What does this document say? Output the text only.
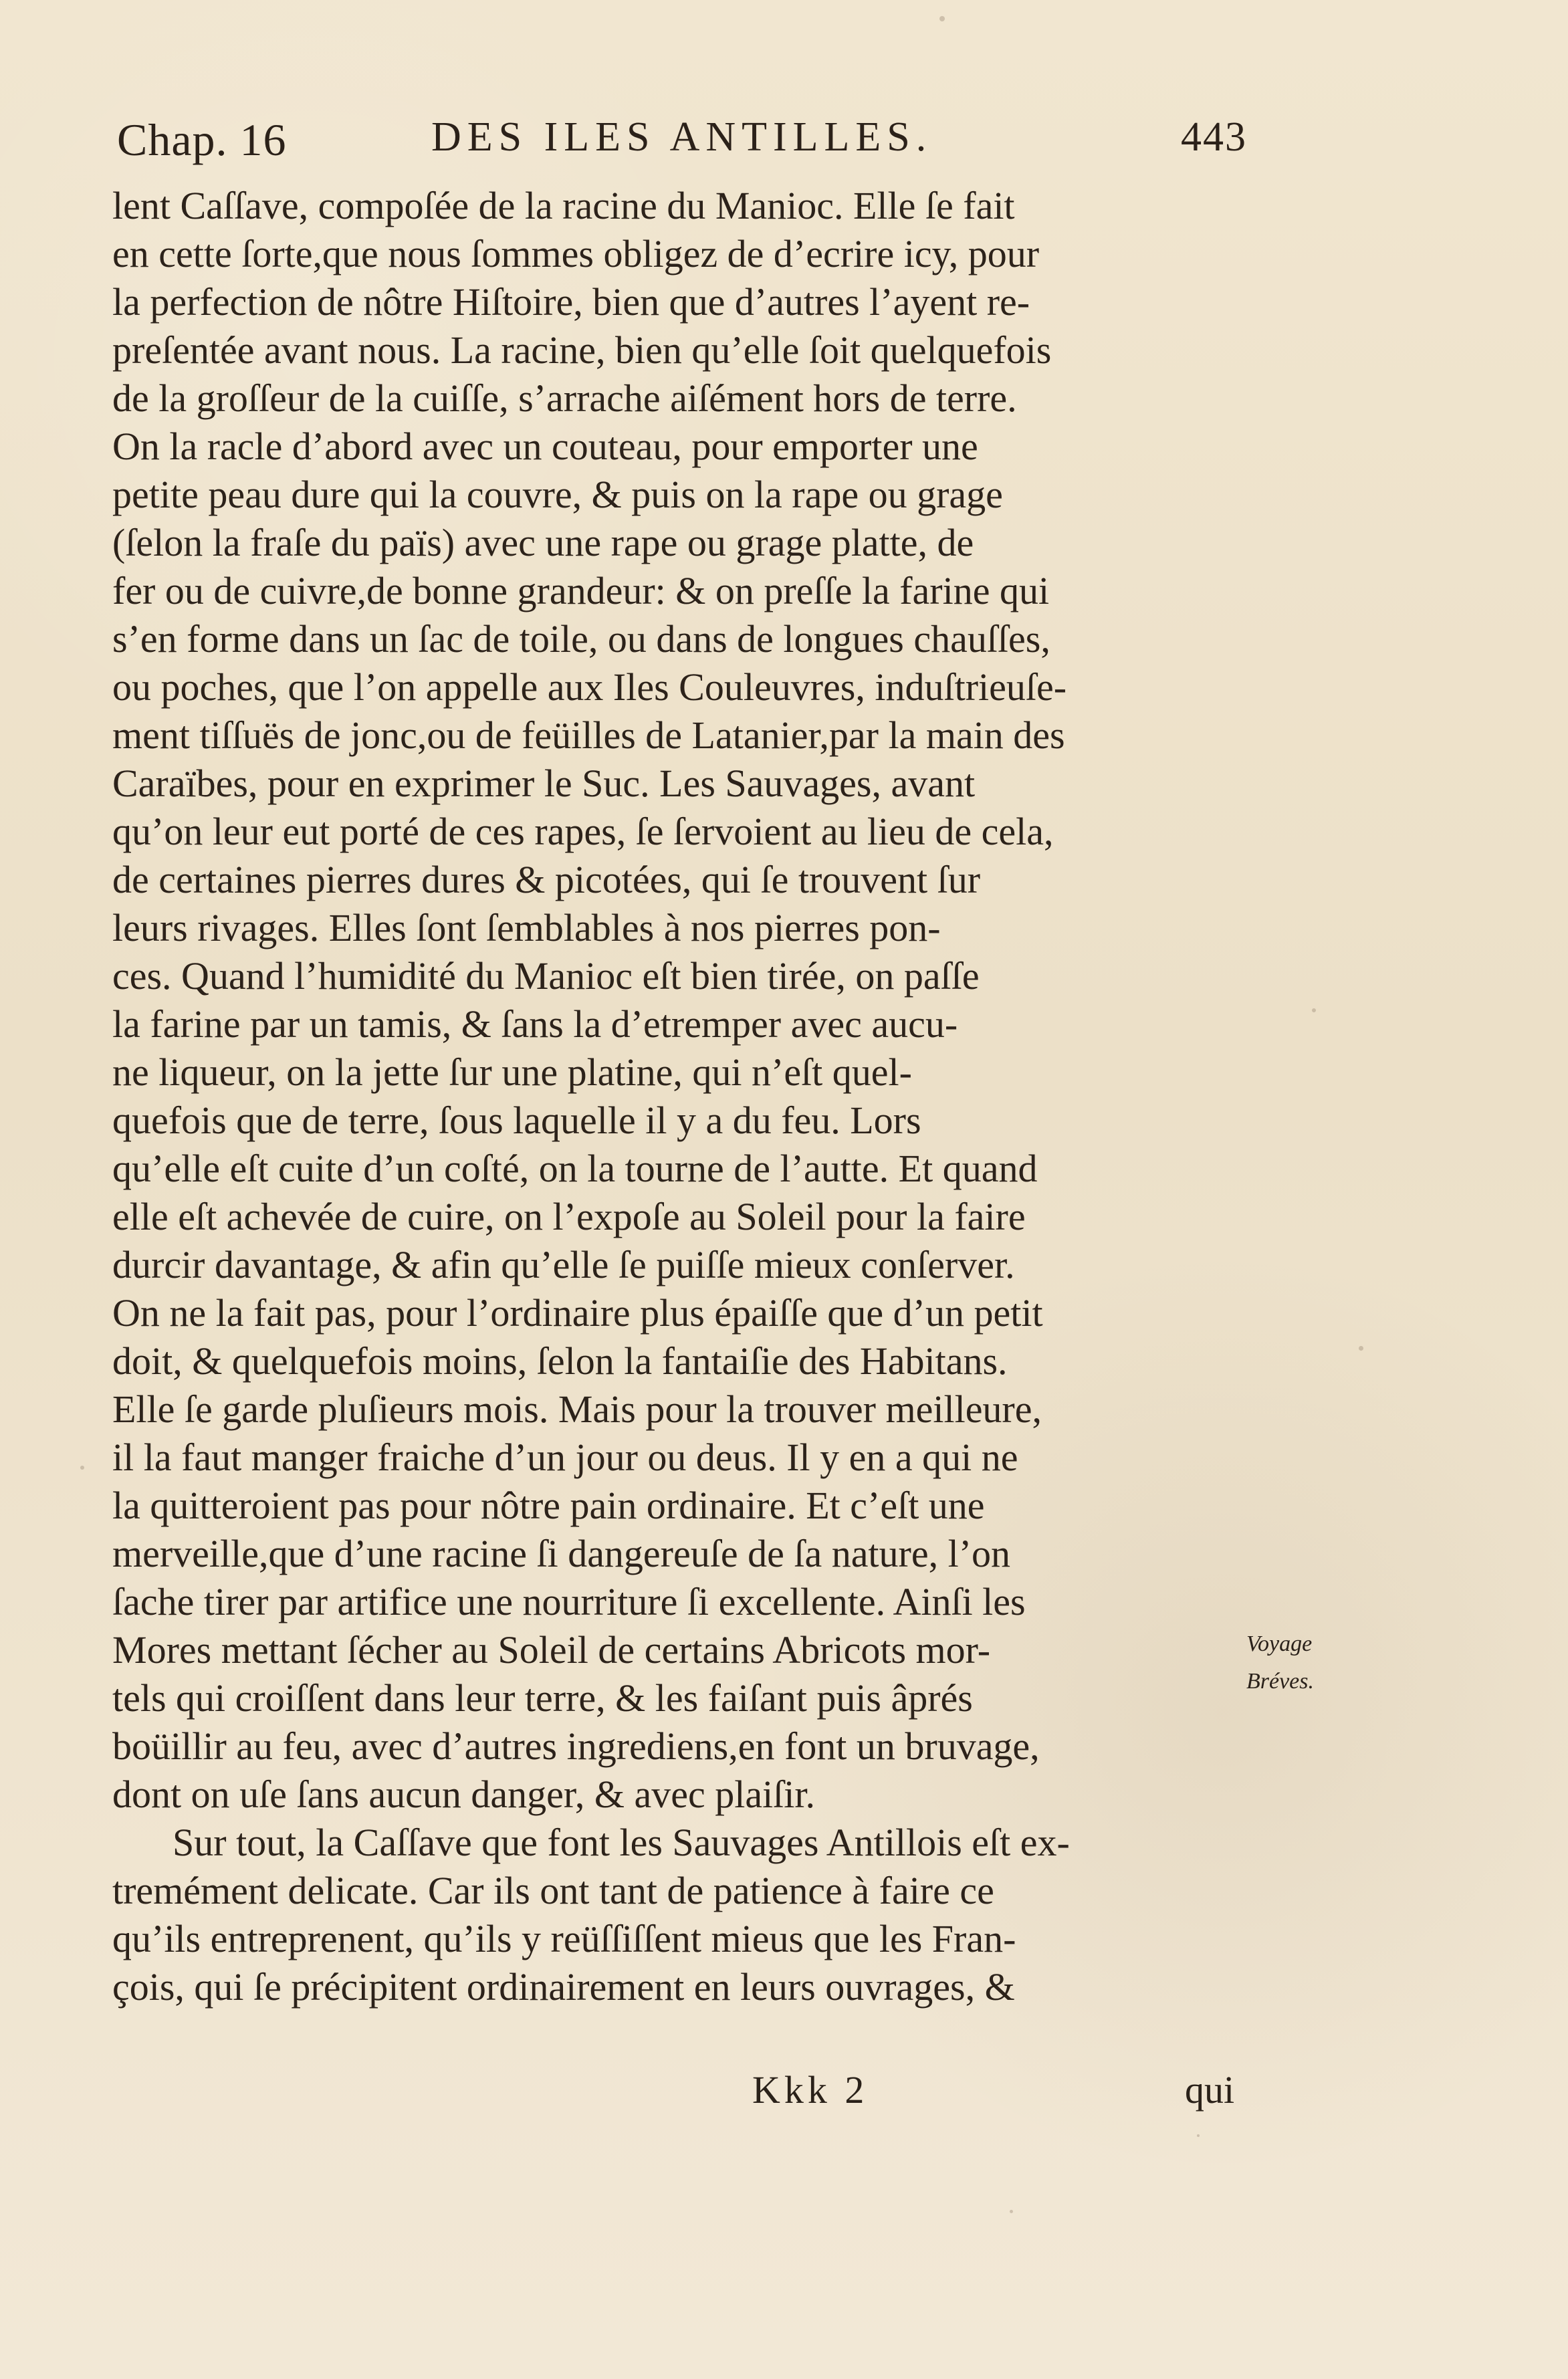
Chap. 16	DES ILES ANTILLES.	443
lent Caſſave, compoſée de la racine du Manioc. Elle ſe fait
en cette ſorte,que nous ſommes obligez de d’ecrire icy, pour
la perfection de nôtre Hiſtoire, bien que d’autres l’ayent re-
preſentée avant nous. La racine, bien qu’elle ſoit quelquefois
de la groſſeur de la cuiſſe, s’arrache aiſément hors de terre.
On la racle d’abord avec un couteau, pour emporter une
petite peau dure qui la couvre, & puis on la rape ou grage
(ſelon la fraſe du païs) avec une rape ou grage platte, de
fer ou de cuivre,de bonne grandeur: & on preſſe la farine qui
s’en forme dans un ſac de toile, ou dans de longues chauſſes,
ou poches, que l’on appelle aux Iles Couleuvres, induſtrieuſe-
ment tiſſuës de jonc,ou de feüilles de Latanier,par la main des
Caraïbes, pour en exprimer le Suc. Les Sauvages, avant
qu’on leur eut porté de ces rapes, ſe ſervoient au lieu de cela,
de certaines pierres dures & picotées, qui ſe trouvent ſur
leurs rivages. Elles ſont ſemblables à nos pierres pon-
ces. Quand l’humidité du Manioc eſt bien tirée, on paſſe
la farine par un tamis, & ſans la d’etremper avec aucu-
ne liqueur, on la jette ſur une platine, qui n’eſt quel-
quefois que de terre, ſous laquelle il y a du feu. Lors
qu’elle eſt cuite d’un coſté, on la tourne de l’autte. Et quand
elle eſt achevée de cuire, on l’expoſe au Soleil pour la faire
durcir davantage, & afin qu’elle ſe puiſſe mieux conſerver.
On ne la fait pas, pour l’ordinaire plus épaiſſe que d’un petit
doit, & quelquefois moins, ſelon la fantaiſie des Habitans.
Elle ſe garde pluſieurs mois. Mais pour la trouver meilleure,
il la faut manger fraiche d’un jour ou deus. Il y en a qui ne
la quitteroient pas pour nôtre pain ordinaire. Et c’eſt une
merveille,que d’une racine ſi dangereuſe de ſa nature, l’on
ſache tirer par artifice une nourriture ſi excellente. Ainſi les
Mores mettant ſécher au Soleil de certains Abricots mor-
tels qui croiſſent dans leur terre, & les faiſant puis âprés
boüillir au feu, avec d’autres ingrediens,en font un bruvage,
dont on uſe ſans aucun danger, & avec plaiſir.
Sur tout, la Caſſave que font les Sauvages Antillois eſt ex-
tremément delicate. Car ils ont tant de patience à faire ce
qu’ils entreprenent, qu’ils y reüſſiſſent mieus que les Fran-
çois, qui ſe précipitent ordinairement en leurs ouvrages, &
Voyage
Bréves.
Kkk 2	qui
